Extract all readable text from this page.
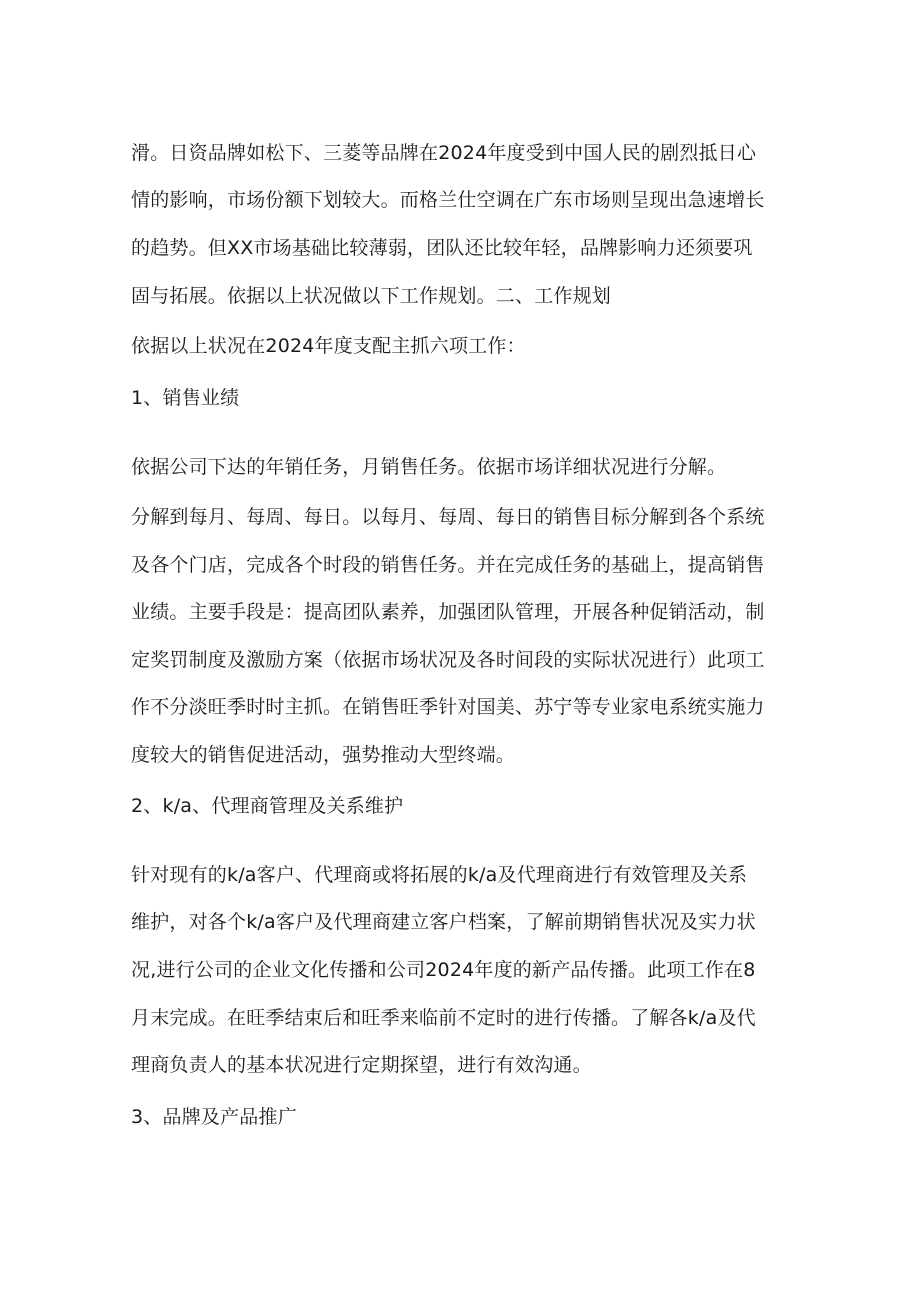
滑。日资品牌如松下、三菱等品牌在2024年度受到中国人民的剧烈抵日心
情的影响，市场份额下划较大。而格兰仕空调在广东市场则呈现出急速增长
的趋势。但XX市场基础比较薄弱，团队还比较年轻，品牌影响力还须要巩
固与拓展。依据以上状况做以下工作规划。二、工作规划
依据以上状况在2024年度支配主抓六项工作：
1、销售业绩
依据公司下达的年销任务，月销售任务。依据市场详细状况进行分解。
分解到每月、每周、每日。以每月、每周、每日的销售目标分解到各个系统
及各个门店，完成各个时段的销售任务。并在完成任务的基础上，提高销售
业绩。主要手段是：提高团队素养，加强团队管理，开展各种促销活动，制
定奖罚制度及激励方案（依据市场状况及各时间段的实际状况进行）此项工
作不分淡旺季时时主抓。在销售旺季针对国美、苏宁等专业家电系统实施力
度较大的销售促进活动，强势推动大型终端。
2、k/a、代理商管理及关系维护
针对现有的k/a客户、代理商或将拓展的k/a及代理商进行有效管理及关系
维护，对各个k/a客户及代理商建立客户档案，了解前期销售状况及实力状
况,进行公司的企业文化传播和公司2024年度的新产品传播。此项工作在8
月末完成。在旺季结束后和旺季来临前不定时的进行传播。了解各k/a及代
理商负责人的基本状况进行定期探望，进行有效沟通。
3、品牌及产品推广
